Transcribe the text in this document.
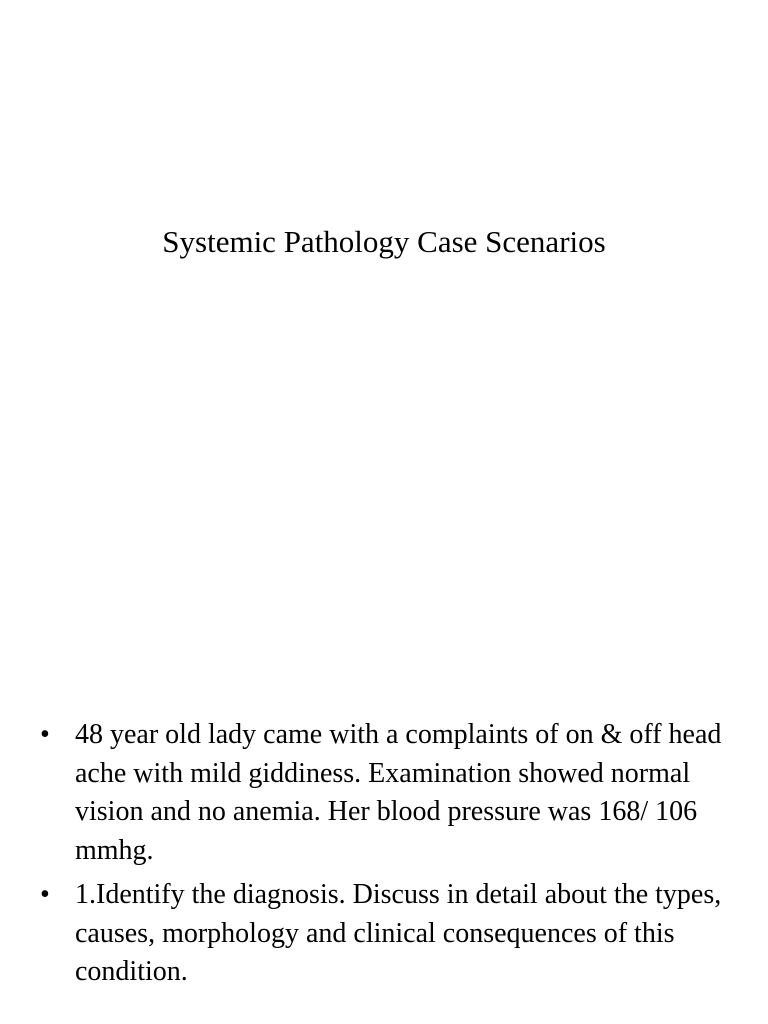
Systemic Pathology Case Scenarios
• 48 year old lady came with a complaints of on & off head ache with mild giddiness. Examination showed normal vision and no anemia. Her blood pressure was 168/ 106 mmhg.
• 1.Identify the diagnosis. Discuss in detail about the types, causes, morphology and clinical consequences of this condition.
